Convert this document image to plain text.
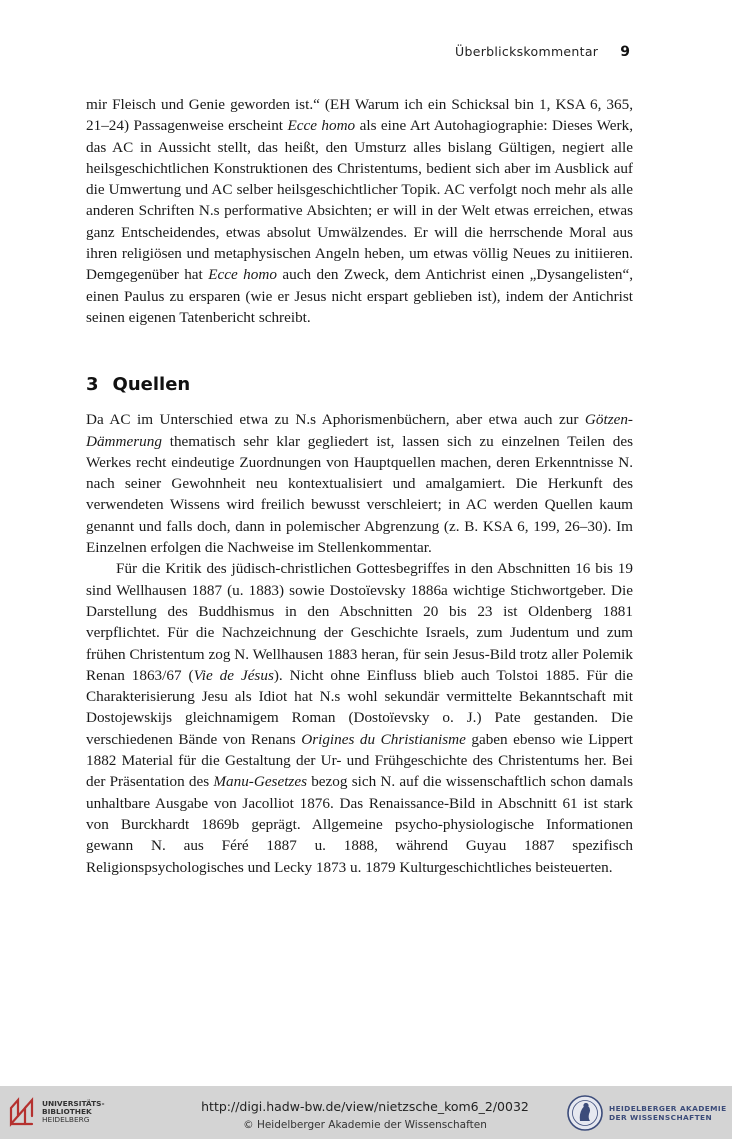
Überblickskommentar 9

mir Fleisch und Genie geworden ist.“ (EH Warum ich ein Schicksal bin 1, KSA 6, 365, 21–24) Passagenweise erscheint Ecce homo als eine Art Autohagiographie: Dieses Werk, das AC in Aussicht stellt, das heißt, den Umsturz alles bislang Gültigen, negiert alle heilsgeschichtlichen Konstruktionen des Christentums, bedient sich aber im Ausblick auf die Umwertung und AC selber heilsgeschichtlicher Topik. AC verfolgt noch mehr als alle anderen Schriften N.s performative Absichten; er will in der Welt etwas erreichen, etwas ganz Entscheidendes, etwas absolut Umwälzendes. Er will die herrschende Moral aus ihren religiösen und metaphysischen Angeln heben, um etwas völlig Neues zu initiieren. Demgegenüber hat Ecce homo auch den Zweck, dem Antichrist einen „Dysangelisten“, einen Paulus zu ersparen (wie er Jesus nicht erspart geblieben ist), indem der Antichrist seinen eigenen Tatenbericht schreibt.

3 Quellen

Da AC im Unterschied etwa zu N.s Aphorismenbüchern, aber etwa auch zur Götzen-Dämmerung thematisch sehr klar gegliedert ist, lassen sich zu einzelnen Teilen des Werkes recht eindeutige Zuordnungen von Hauptquellen machen, deren Erkenntnisse N. nach seiner Gewohnheit neu kontextualisiert und amalgamiert. Die Herkunft des verwendeten Wissens wird freilich bewusst verschleiert; in AC werden Quellen kaum genannt und falls doch, dann in polemischer Abgrenzung (z. B. KSA 6, 199, 26–30). Im Einzelnen erfolgen die Nachweise im Stellenkommentar.

Für die Kritik des jüdisch-christlichen Gottesbegriffes in den Abschnitten 16 bis 19 sind Wellhausen 1887 (u. 1883) sowie Dostoïevsky 1886a wichtige Stichwortgeber. Die Darstellung des Buddhismus in den Abschnitten 20 bis 23 ist Oldenberg 1881 verpflichtet. Für die Nachzeichnung der Geschichte Israels, zum Judentum und zum frühen Christentum zog N. Wellhausen 1883 heran, für sein Jesus-Bild trotz aller Polemik Renan 1863/67 (Vie de Jésus). Nicht ohne Einfluss blieb auch Tolstoi 1885. Für die Charakterisierung Jesu als Idiot hat N.s wohl sekundär vermittelte Bekanntschaft mit Dostojewskijs gleichnamigem Roman (Dostoïevsky o. J.) Pate gestanden. Die verschiedenen Bände von Renans Origines du Christianisme gaben ebenso wie Lippert 1882 Material für die Gestaltung der Ur- und Frühgeschichte des Christentums her. Bei der Präsentation des Manu-Gesetzes bezog sich N. auf die wissenschaftlich schon damals unhaltbare Ausgabe von Jacolliot 1876. Das Renaissance-Bild in Abschnitt 61 ist stark von Burckhardt 1869b geprägt. Allgemeine psycho-physiologische Informationen gewann N. aus Féré 1887 u. 1888, während Guyau 1887 spezifisch Religionspsychologisches und Lecky 1873 u. 1879 Kulturgeschichtliches beisteuerten.

UNIVERSITÄTS-
BIBLIOTHEK
HEIDELBERG
http://digi.hadw-bw.de/view/nietzsche_kom6_2/0032
© Heidelberger Akademie der Wissenschaften
HEIDELBERGER AKADEMIE
DER WISSENSCHAFTEN
